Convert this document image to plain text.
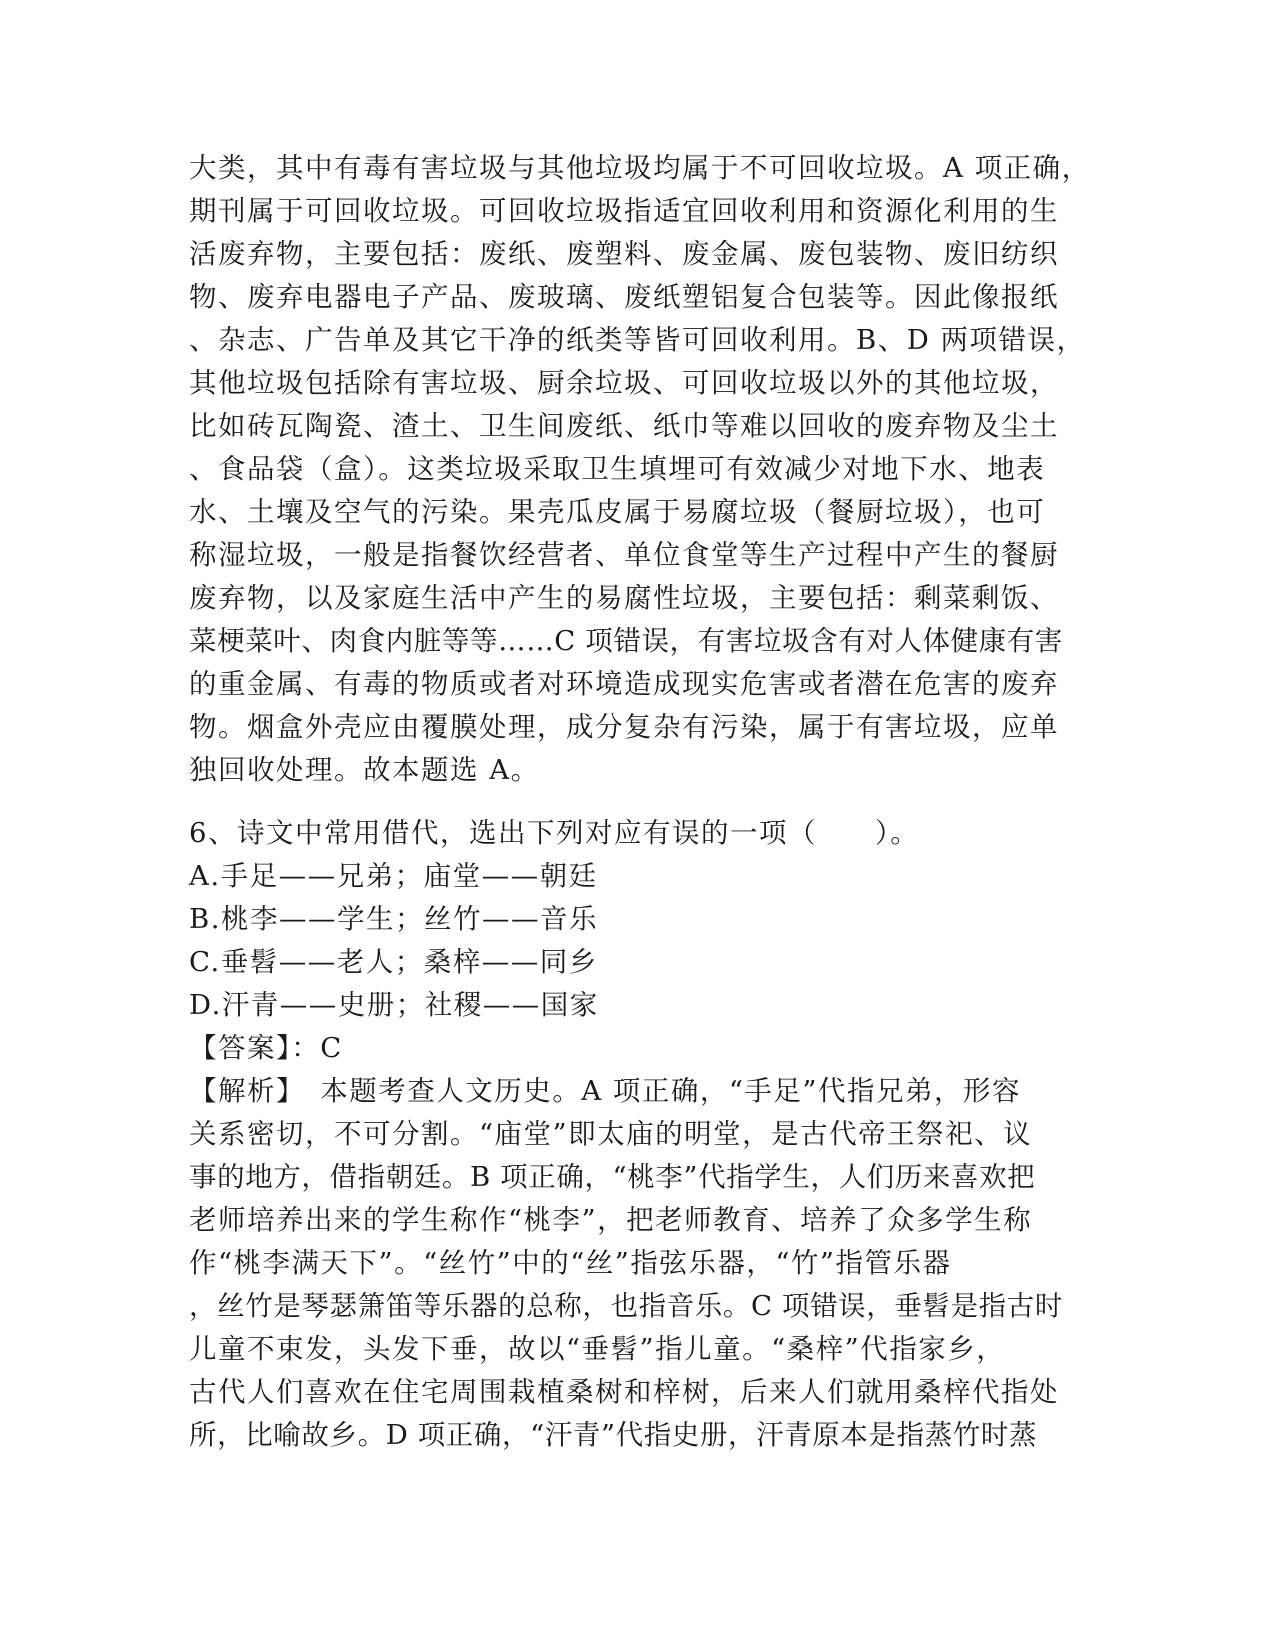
大类，其中有毒有害垃圾与其他垃圾均属于不可回收垃圾。A 项正确，
期刊属于可回收垃圾。可回收垃圾指适宜回收利用和资源化利用的生
活废弃物，主要包括：废纸、废塑料、废金属、废包装物、废旧纺织
物、废弃电器电子产品、废玻璃、废纸塑铝复合包装等。因此像报纸
、杂志、广告单及其它干净的纸类等皆可回收利用。B、D 两项错误，
其他垃圾包括除有害垃圾、厨余垃圾、可回收垃圾以外的其他垃圾，
比如砖瓦陶瓷、渣土、卫生间废纸、纸巾等难以回收的废弃物及尘土
、食品袋（盒）。这类垃圾采取卫生填埋可有效减少对地下水、地表
水、土壤及空气的污染。果壳瓜皮属于易腐垃圾（餐厨垃圾），也可
称湿垃圾，一般是指餐饮经营者、单位食堂等生产过程中产生的餐厨
废弃物，以及家庭生活中产生的易腐性垃圾，主要包括：剩菜剩饭、
菜梗菜叶、肉食内脏等等……C 项错误，有害垃圾含有对人体健康有害
的重金属、有毒的物质或者对环境造成现实危害或者潜在危害的废弃
物。烟盒外壳应由覆膜处理，成分复杂有污染，属于有害垃圾，应单
独回收处理。故本题选 A。
6、诗文中常用借代，选出下列对应有误的一项（　　）。
A.手足——兄弟；庙堂——朝廷
B.桃李——学生；丝竹——音乐
C.垂髫——老人；桑梓——同乡
D.汗青——史册；社稷——国家
【答案】：C
【解析】　本题考查人文历史。A 项正确，“手足”代指兄弟，形容
关系密切，不可分割。“庙堂”即太庙的明堂，是古代帝王祭祀、议
事的地方，借指朝廷。B 项正确，“桃李”代指学生，人们历来喜欢把
老师培养出来的学生称作“桃李”，把老师教育、培养了众多学生称
作“桃李满天下”。“丝竹”中的“丝”指弦乐器，“竹”指管乐器
，丝竹是琴瑟箫笛等乐器的总称，也指音乐。C 项错误，垂髫是指古时
儿童不束发，头发下垂，故以“垂髫”指儿童。“桑梓”代指家乡，
古代人们喜欢在住宅周围栽植桑树和梓树，后来人们就用桑梓代指处
所，比喻故乡。D 项正确，“汗青”代指史册，汗青原本是指蒸竹时蒸
